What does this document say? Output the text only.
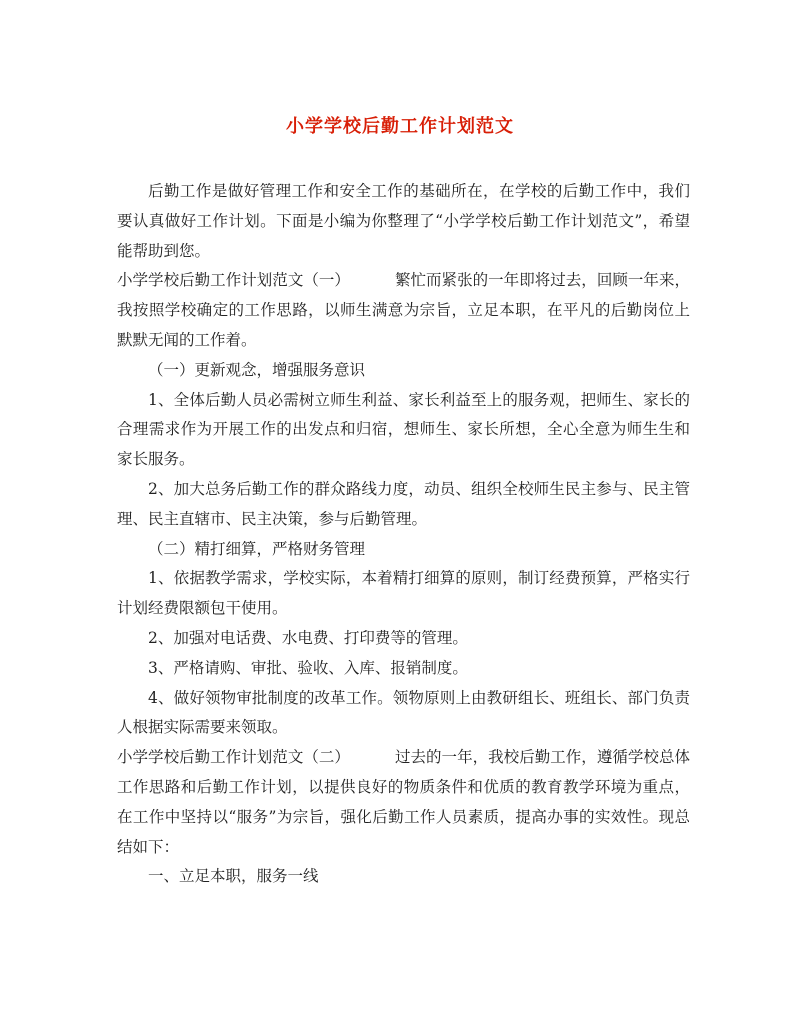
小学学校后勤工作计划范文

后勤工作是做好管理工作和安全工作的基础所在，在学校的后勤工作中，我们要认真做好工作计划。下面是小编为你整理了“小学学校后勤工作计划范文”，希望能帮助到您。

小学学校后勤工作计划范文（一）	繁忙而紧张的一年即将过去，回顾一年来，我按照学校确定的工作思路，以师生满意为宗旨，立足本职，在平凡的后勤岗位上默默无闻的工作着。

（一）更新观念，增强服务意识

1、全体后勤人员必需树立师生利益、家长利益至上的服务观，把师生、家长的合理需求作为开展工作的出发点和归宿，想师生、家长所想，全心全意为师生生和家长服务。

2、加大总务后勤工作的群众路线力度，动员、组织全校师生民主参与、民主管理、民主直辖市、民主决策，参与后勤管理。

（二）精打细算，严格财务管理

1、依据教学需求，学校实际，本着精打细算的原则，制订经费预算，严格实行计划经费限额包干使用。

2、加强对电话费、水电费、打印费等的管理。

3、严格请购、审批、验收、入库、报销制度。

4、做好领物审批制度的改革工作。领物原则上由教研组长、班组长、部门负责人根据实际需要来领取。

小学学校后勤工作计划范文（二）	过去的一年，我校后勤工作，遵循学校总体工作思路和后勤工作计划，以提供良好的物质条件和优质的教育教学环境为重点，在工作中坚持以“服务”为宗旨，强化后勤工作人员素质，提高办事的实效性。现总结如下：

一、立足本职，服务一线
